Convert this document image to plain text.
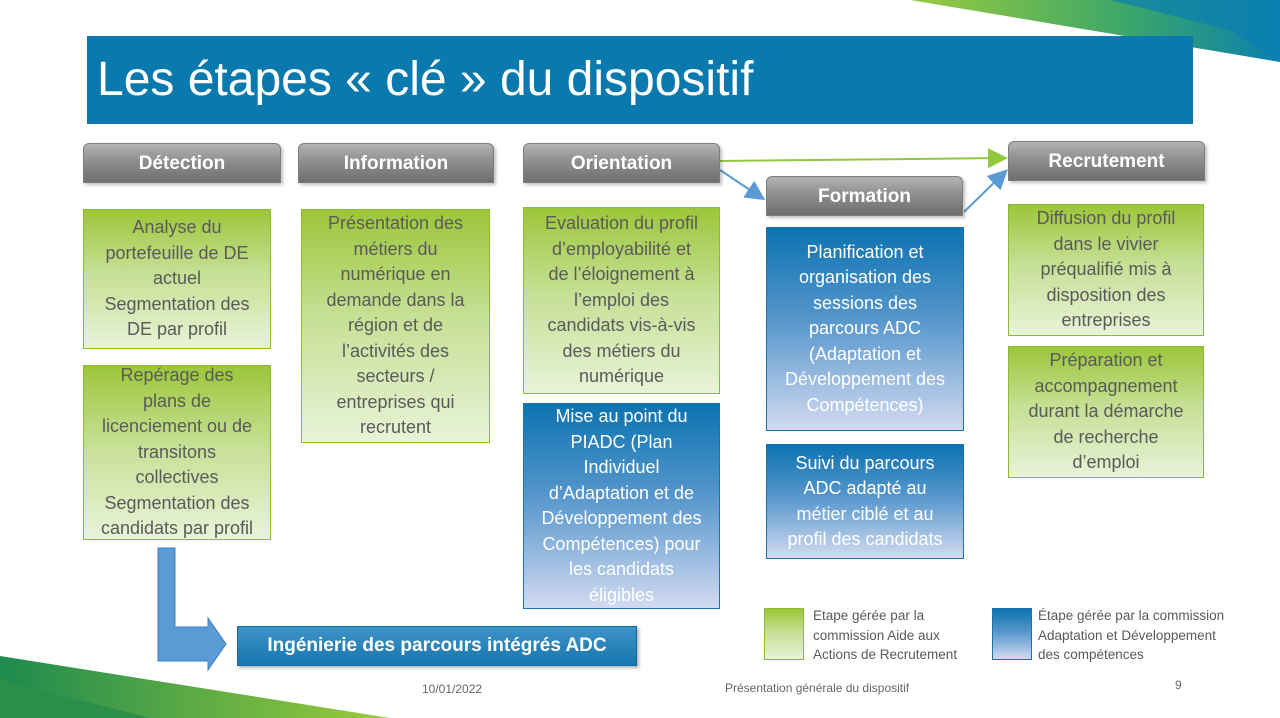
Les étapes « clé » du dispositif
Détection	Information	Orientation
Formation
Recrutement
Analyse du
portefeuille de DE
actuel
Segmentation des
DE par profil
Repérage des
plans de
licenciement ou de
transitons
collectives
Segmentation des
candidats par profil
Présentation des
métiers du
numérique en
demande dans la
région et de
l’activités des
secteurs /
entreprises qui
recrutent
Evaluation du profil
d’employabilité et
de l’éloignement à
l’emploi des
candidats vis-à-vis
des métiers du
numérique
Mise au point du
PIADC (Plan
Individuel
d’Adaptation et de
Développement des
Compétences) pour
les candidats
éligibles
Planification et
organisation des
sessions des
parcours ADC
(Adaptation et
Développement des
Compétences)
Suivi du parcours
ADC adapté au
métier ciblé et au
profil des candidats
Diffusion du profil
dans le vivier
préqualifié mis à
disposition des
entreprises
Préparation et
accompagnement
durant la démarche
de recherche
d’emploi
Ingénierie des parcours intégrés ADC
Etape gérée par la
commission Aide aux
Actions de Recrutement
Étape gérée par la commission
Adaptation et Développement
des compétences
10/01/2022	Présentation générale du dispositif	9
